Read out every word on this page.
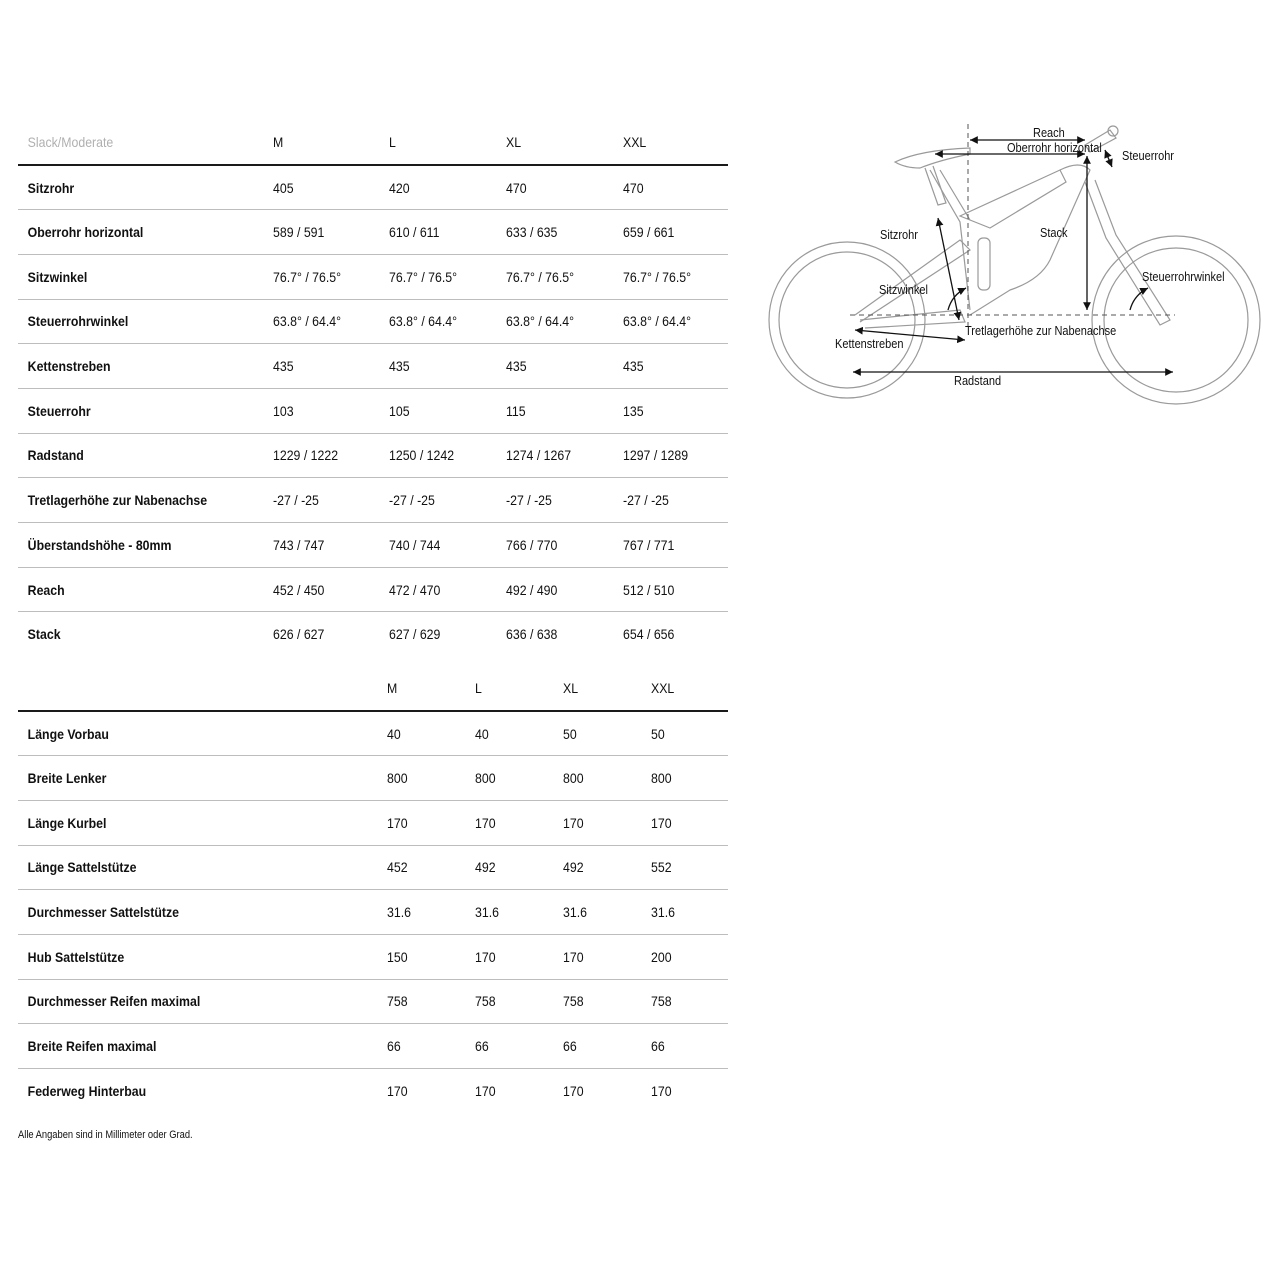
Slack/Moderate	M	L	XL	XXL
Sitzrohr	405	420	470	470
Oberrohr horizontal	589 / 591	610 / 611	633 / 635	659 / 661
Sitzwinkel	76.7° / 76.5°	76.7° / 76.5°	76.7° / 76.5°	76.7° / 76.5°
Steuerrohrwinkel	63.8° / 64.4°	63.8° / 64.4°	63.8° / 64.4°	63.8° / 64.4°
Kettenstreben	435	435	435	435
Steuerrohr	103	105	115	135
Radstand	1229 / 1222	1250 / 1242	1274 / 1267	1297 / 1289
Tretlagerhöhe zur Nabenachse	-27 / -25	-27 / -25	-27 / -25	-27 / -25
Überstandshöhe - 80mm	743 / 747	740 / 744	766 / 770	767 / 771
Reach	452 / 450	472 / 470	492 / 490	512 / 510
Stack	626 / 627	627 / 629	636 / 638	654 / 656
	M	L	XL	XXL
Länge Vorbau	40	40	50	50
Breite Lenker	800	800	800	800
Länge Kurbel	170	170	170	170
Länge Sattelstütze	452	492	492	552
Durchmesser Sattelstütze	31.6	31.6	31.6	31.6
Hub Sattelstütze	150	170	170	200
Durchmesser Reifen maximal	758	758	758	758
Breite Reifen maximal	66	66	66	66
Federweg Hinterbau	170	170	170	170
Alle Angaben sind in Millimeter oder Grad.
Reach
Oberrohr horizontal
Steuerrohr
Sitzrohr	Stack
Steuerrohrwinkel
Sitzwinkel
Tretlagerhöhe zur Nabenachse
Kettenstreben
Radstand
